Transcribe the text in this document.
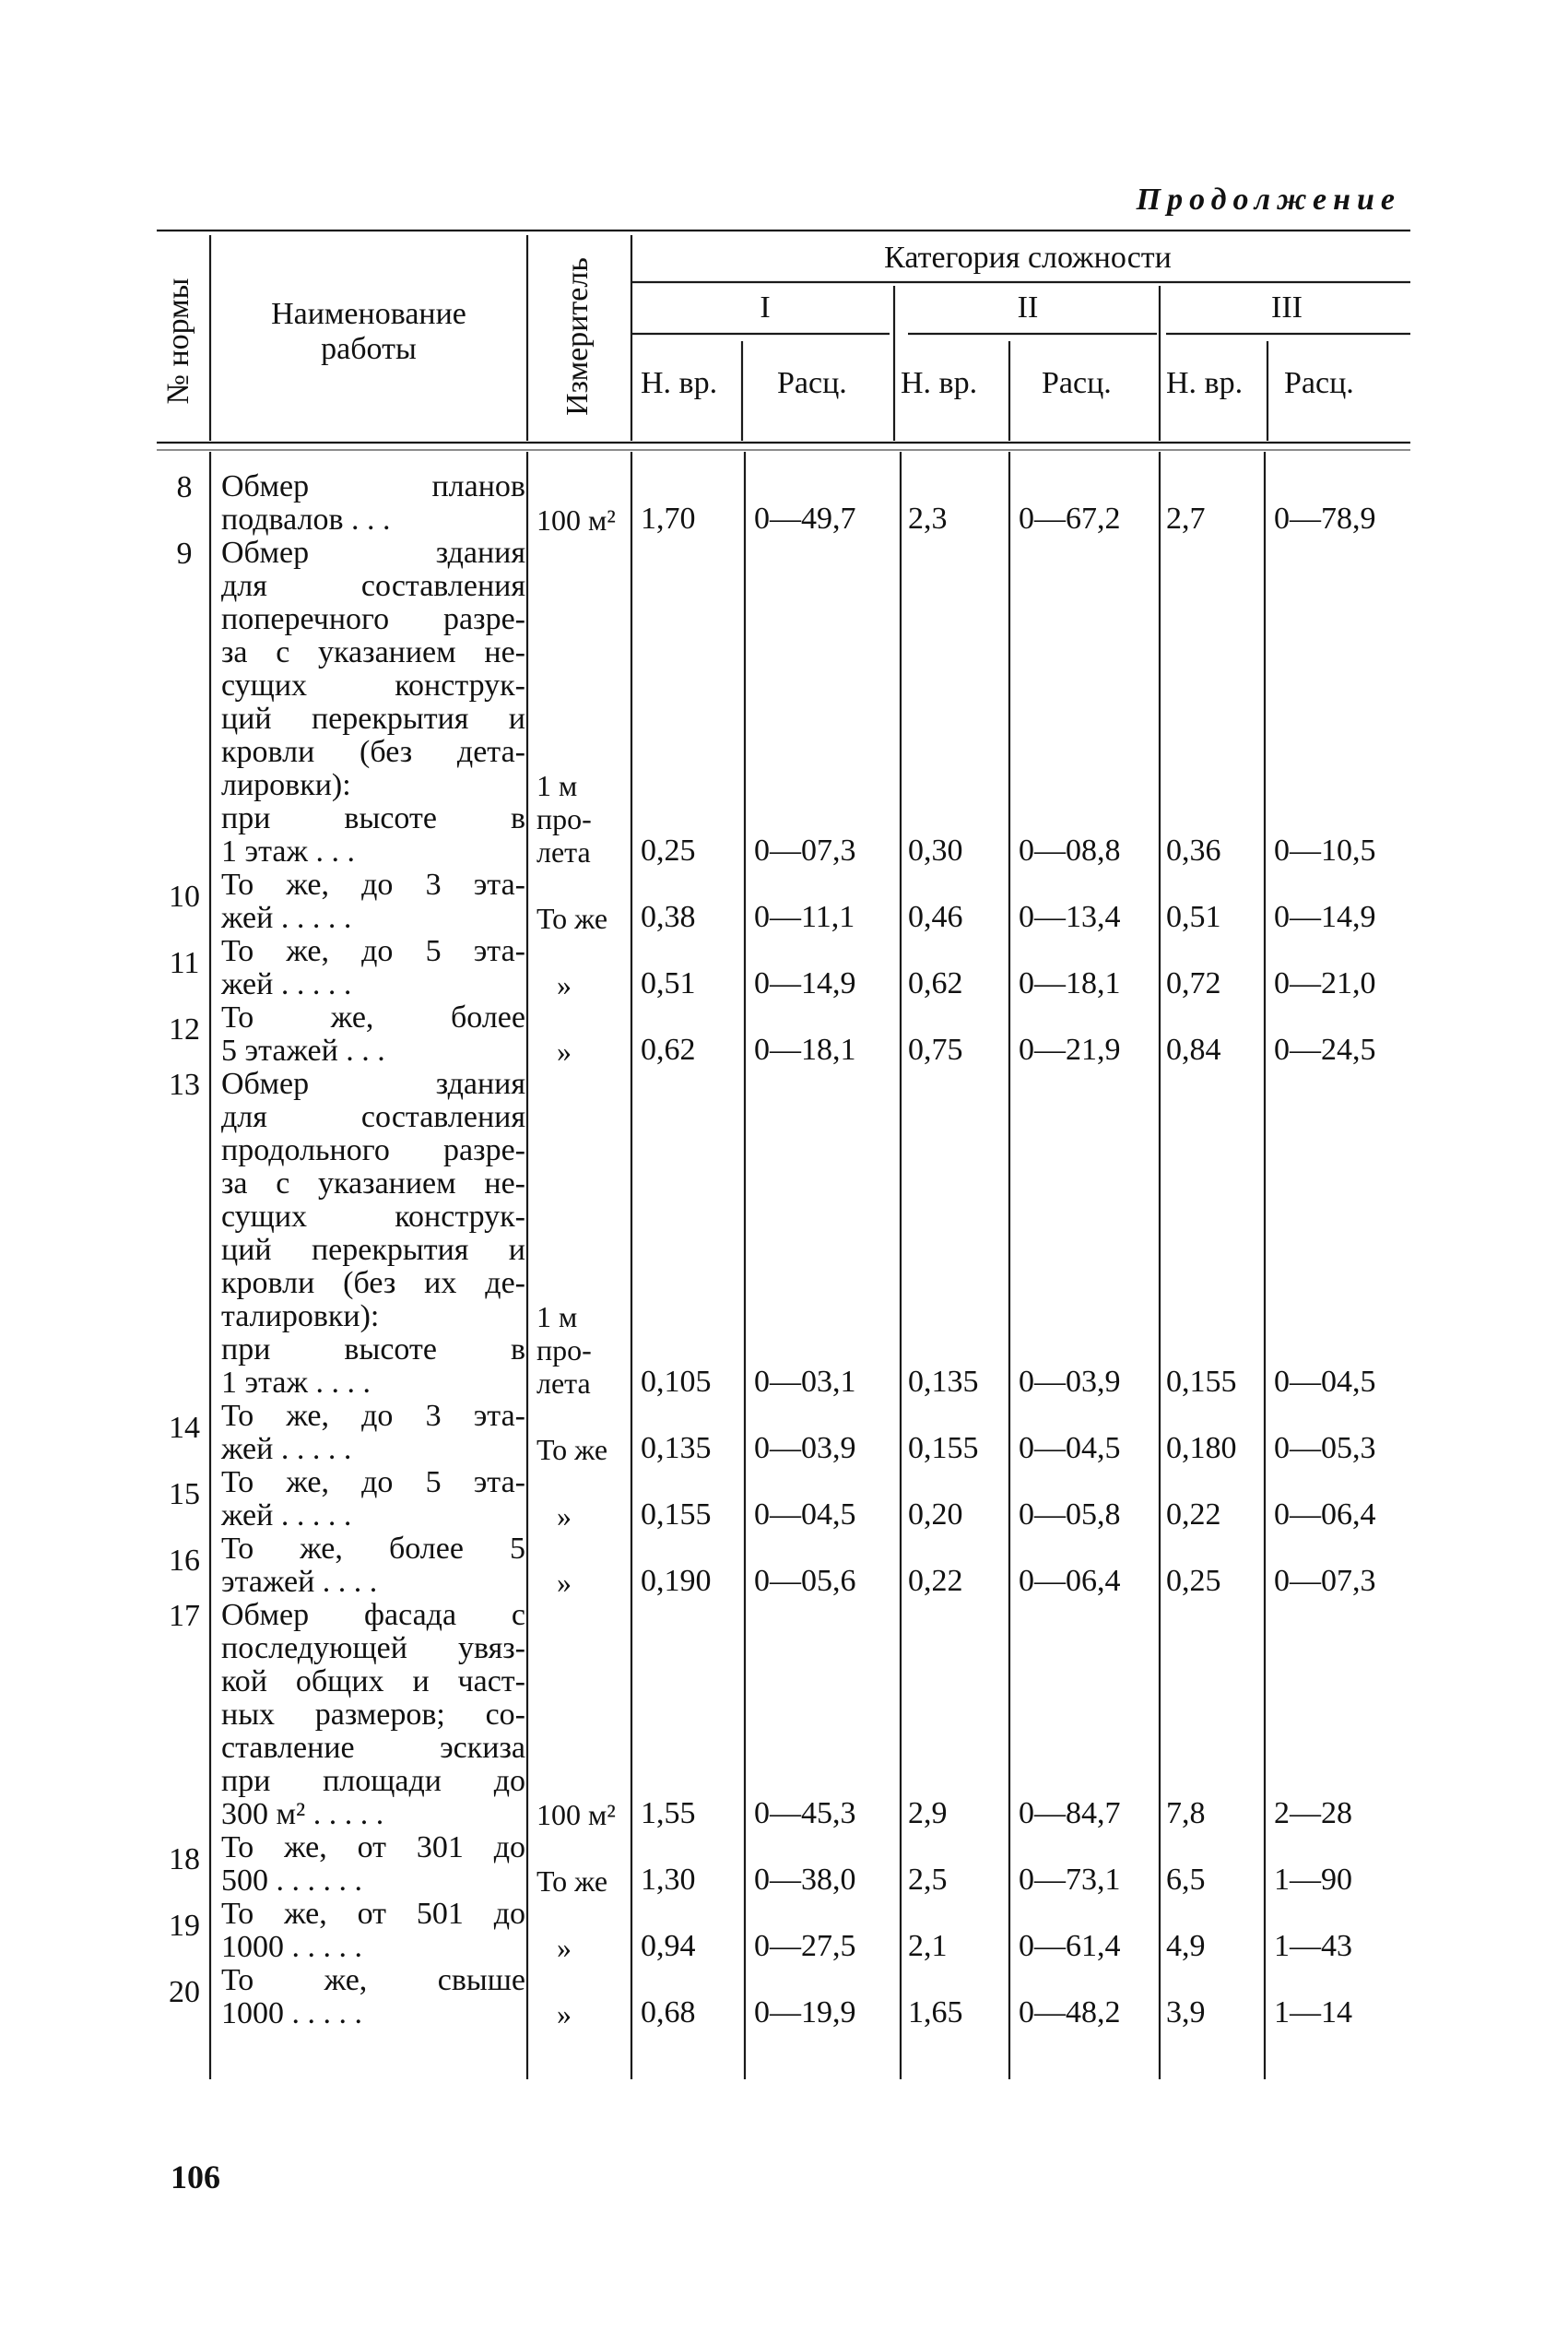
Продолжение
№ нормы	Наименование работы	Измеритель	Категория сложности
I	II	III
Н. вр. Расц. Н. вр. Расц. Н. вр. Расц.
8 Обмер планов
подвалов . . .	100 м² 1,70 0—49,7 2,3 0—67,2 2,7 0—78,9
9 Обмер здания
для составления
поперечного разре-
за с указанием не-
сущих конструк-
ций перекрытия и
кровли (без дета-
лировки):
при высоте в
1 этаж . . .
1 м
про-
лета	0,25 0—07,3 0,30 0—08,8 0,36 0—10,5
10 То же, до 3 эта-
жей . . . . .	То же	0,38 0—11,1 0,46 0—13,4 0,51 0—14,9
11 То же, до 5 эта-
жей . . . . .	»	0,51 0—14,9 0,62 0—18,1 0,72 0—21,0
12 То же, более
5 этажей . . .	»	0,62 0—18,1 0,75 0—21,9 0,84 0—24,5
13 Обмер здания
для составления
продольного разре-
за с указанием не-
сущих конструк-
ций перекрытия и
кровли (без их де-
талировки):
при высоте в
1 этаж . . . .
1 м
про-
лета	0,105 0—03,1 0,135 0—03,9 0,155 0—04,5
14 То же, до 3 эта-
жей . . . . .	То же	0,135 0—03,9 0,155 0—04,5 0,180 0—05,3
15 То же, до 5 эта-
жей . . . . .	»	0,155 0—04,5 0,20 0—05,8 0,22 0—06,4
16 То же, более 5
этажей . . . .	»	0,190 0—05,6 0,22 0—06,4 0,25 0—07,3
17 Обмер фасада с
последующей увяз-
кой общих и част-
ных размеров; со-
ставление эскиза
при площади до
300 м² . . . . .	100 м² 1,55 0—45,3 2,9 0—84,7 7,8 2—28
18 То же, от 301 до
500 . . . . . .	То же	1,30 0—38,0 2,5 0—73,1 6,5 1—90
19 То же, от 501 до
1000 . . . . .	»	0,94 0—27,5 2,1 0—61,4 4,9 1—43
20 То же, свыше
1000 . . . . .	»	0,68 0—19,9 1,65 0—48,2 3,9 1—14
106
